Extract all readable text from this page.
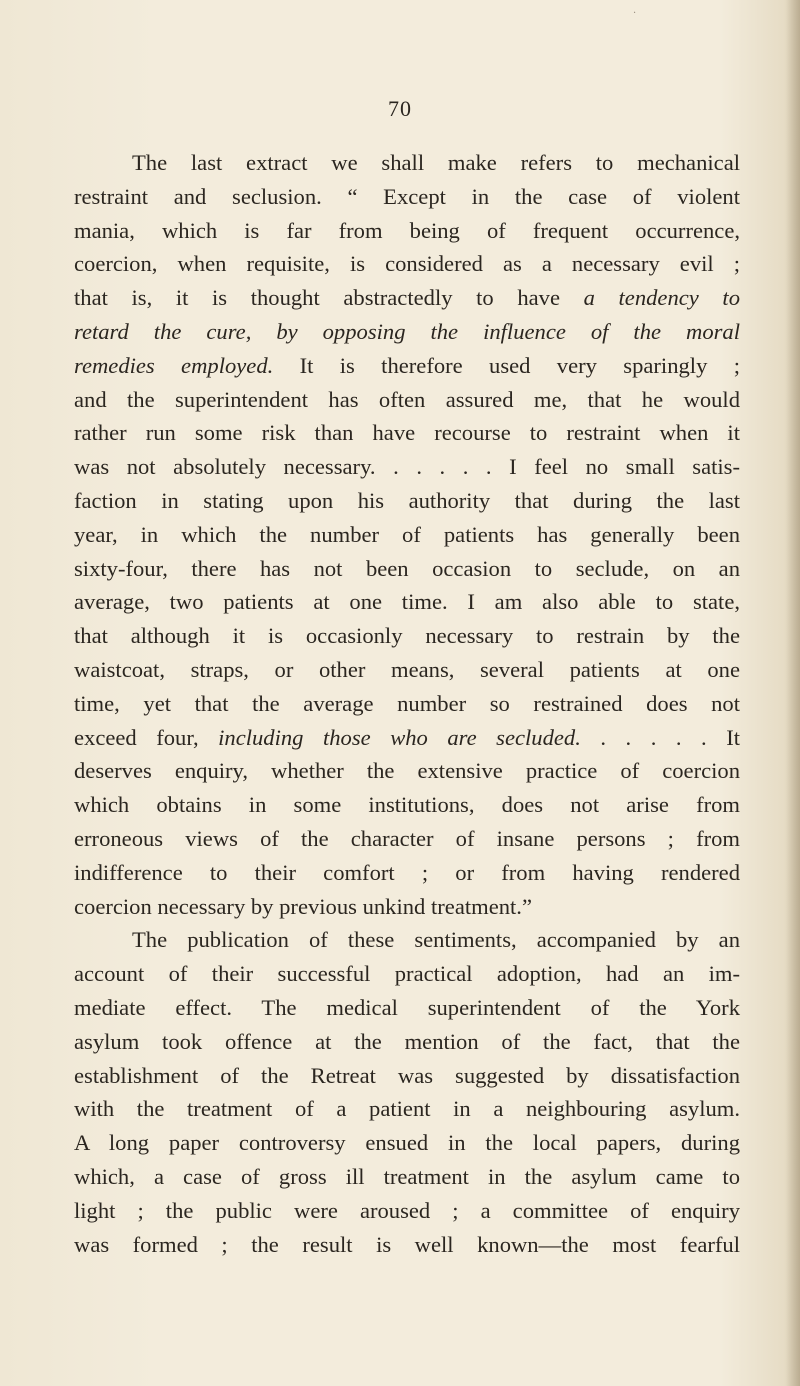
·
70
The last extract we shall make refers to mechanical
restraint and seclusion. “ Except in the case of violent
mania, which is far from being of frequent occurrence,
coercion, when requisite, is considered as a necessary evil ;
that is, it is thought abstractedly to have a tendency to
retard the cure, by opposing the influence of the moral
remedies employed. It is therefore used very sparingly ;
and the superintendent has often assured me, that he would
rather run some risk than have recourse to restraint when it
was not absolutely necessary. . . . . . I feel no small satis-
faction in stating upon his authority that during the last
year, in which the number of patients has generally been
sixty-four, there has not been occasion to seclude, on an
average, two patients at one time. I am also able to state,
that although it is occasionly necessary to restrain by the
waistcoat, straps, or other means, several patients at one
time, yet that the average number so restrained does not
exceed four, including those who are secluded. . . . . . It
deserves enquiry, whether the extensive practice of coercion
which obtains in some institutions, does not arise from
erroneous views of the character of insane persons ; from
indifference to their comfort ; or from having rendered
coercion necessary by previous unkind treatment.”
The publication of these sentiments, accompanied by an
account of their successful practical adoption, had an im-
mediate effect. The medical superintendent of the York
asylum took offence at the mention of the fact, that the
establishment of the Retreat was suggested by dissatisfaction
with the treatment of a patient in a neighbouring asylum.
A long paper controversy ensued in the local papers, during
which, a case of gross ill treatment in the asylum came to
light ; the public were aroused ; a committee of enquiry
was formed ; the result is well known—the most fearful
